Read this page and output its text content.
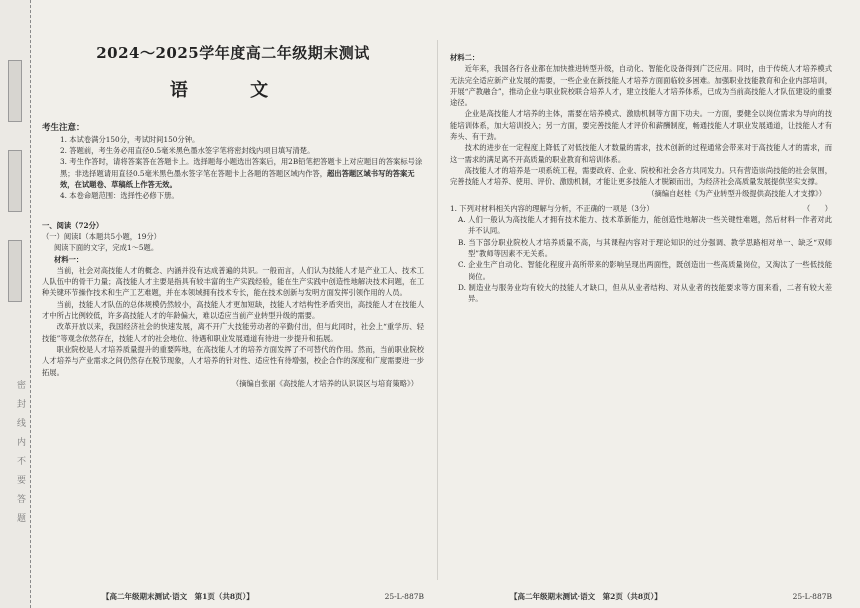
密封线内不要答题
2024～2025学年度高二年级期末测试
语 文
考生注意：
1. 本试卷满分150分，考试时间150分钟。
2. 答题前，考生务必用直径0.5毫米黑色墨水签字笔将密封线内项目填写清楚。
3. 考生作答时，请将答案答在答题卡上。选择题每小题选出答案后，用2B铅笔把答题卡上对应题目的答案标号涂黑；非选择题请用直径0.5毫米黑色墨水签字笔在答题卡上各题的答题区域内作答，超出答题区域书写的答案无效，在试题卷、草稿纸上作答无效。
4. 本卷命题范围：选择性必修下册。
一、阅读（72分）
（一）阅读Ⅰ（本题共5小题，19分）
阅读下面的文字，完成1～5题。
材料一：
当前，社会对高技能人才的概念、内涵并没有达成普遍的共识。一般而言，人们认为技能人才是产业工人、技术工人队伍中的骨干力量；高技能人才主要是指具有较丰富的生产实践经验，能在生产实践中创造性地解决技术问题，在工种关键环节操作技术和生产工艺难题，并在本领域拥有技术专长，能在技术创新与发明方面发挥引领作用的人员。
当前，技能人才队伍的总体规模仍然较小，高技能人才更加短缺，技能人才结构性矛盾突出，高技能人才在技能人才中所占比例较低，许多高技能人才的年龄偏大，难以适应当前产业转型升级的需要。
改革开放以来，我国经济社会的快速发展，离不开广大技能劳动者的辛勤付出，但与此同时，社会上“重学历、轻技能”等观念依然存在，技能人才的社会地位、待遇和职业发展通道有待进一步提升和拓展。
职业院校是人才培养质量提升的重要阵地，在高技能人才的培养方面发挥了不可替代的作用。然而，当前职业院校人才培养与产业需求之间仍然存在脱节现象，人才培养的针对性、适应性有待增强，校企合作的深度和广度需要进一步拓展。
（摘编自张丽《高技能人才培养的认识误区与培育策略》）
【高二年级期末测试·语文　第1页（共8页）】	25-L-887B
材料二：
近年来，我国各行各业都在加快推进转型升级，自动化、智能化设备得到广泛应用。同时，由于传统人才培养模式无法完全适应新产业发展的需要，一些企业在新技能人才培养方面面临较多困难。加强职业技能教育和企业内部培训，开展“产教融合”，推动企业与职业院校联合培养人才，建立技能人才培养体系，已成为当前高技能人才队伍建设的重要途径。
企业是高技能人才培养的主体，需要在培养模式、激励机制等方面下功夫。一方面，要健全以岗位需求为导向的技能培训体系，加大培训投入；另一方面，要完善技能人才评价和薪酬制度，畅通技能人才职业发展通道，让技能人才有奔头、有干劲。
技术的进步在一定程度上降低了对低技能人才数量的需求，技术创新的过程通常会带来对于高技能人才的需求，而这一需求的满足离不开高质量的职业教育和培训体系。
高技能人才的培养是一项系统工程，需要政府、企业、院校和社会各方共同发力。只有营造崇尚技能的社会氛围，完善技能人才培养、使用、评价、激励机制，才能让更多技能人才脱颖而出，为经济社会高质量发展提供坚实支撑。
（摘编自赵桂《为产业转型升级提供高技能人才支撑》）
1. 下列对材料相关内容的理解与分析，不正确的一项是（3分）	（　　）
A. 人们一般认为高技能人才拥有技术能力、技术革新能力，能创造性地解决一些关键性难题，然后材料一作者对此并不认同。
B. 当下部分职业院校人才培养质量不高，与其课程内容对于理论知识的过分强调、教学思路相对单一、缺乏“双师型”教师等因素不无关系。
C. 企业生产自动化、智能化程度升高所带来的影响呈现出两面性，既创造出一些高质量岗位，又淘汰了一些低技能岗位。
D. 制造业与服务业均有较大的技能人才缺口，但从从业者结构、对从业者的技能要求等方面来看，二者有较大差异。
【高二年级期末测试·语文　第2页（共8页）】	25-L-887B
